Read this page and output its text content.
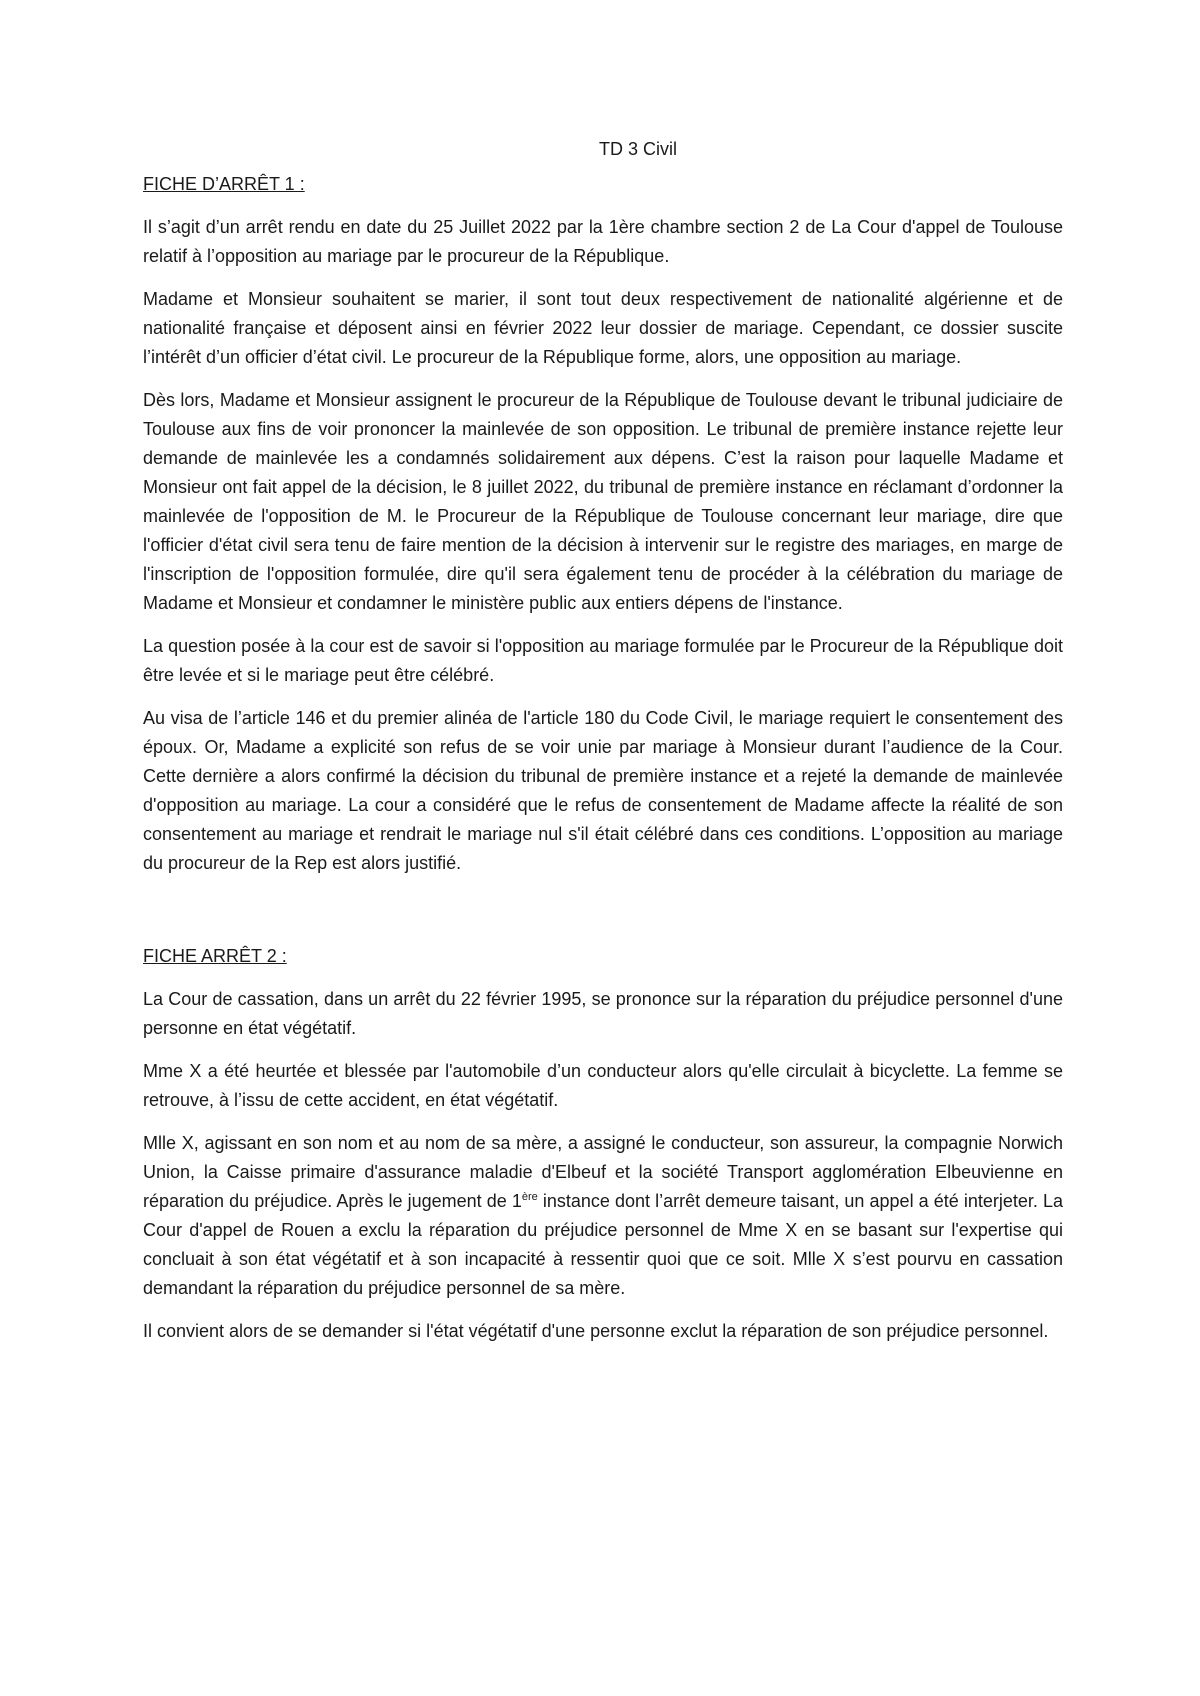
TD 3 Civil
FICHE D’ARRÊT 1 :

Il s’agit d’un arrêt rendu en date du 25 Juillet 2022 par la 1ère chambre section 2 de La Cour d'appel de Toulouse relatif à l’opposition au mariage par le procureur de la République.

Madame et Monsieur souhaitent se marier, il sont tout deux respectivement de nationalité algérienne et de nationalité française et déposent ainsi en février 2022 leur dossier de mariage. Cependant, ce dossier suscite l’intérêt d’un officier d’état civil. Le procureur de la République forme, alors, une opposition au mariage.

Dès lors, Madame et Monsieur assignent le procureur de la République de Toulouse devant le tribunal judiciaire de Toulouse aux fins de voir prononcer la mainlevée de son opposition. Le tribunal de première instance rejette leur demande de mainlevée les a condamnés solidairement aux dépens. C’est la raison pour laquelle Madame et Monsieur ont fait appel de la décision, le 8 juillet 2022, du tribunal de première instance en réclamant d’ordonner la mainlevée de l'opposition de M. le Procureur de la République de Toulouse concernant leur mariage, dire que l'officier d'état civil sera tenu de faire mention de la décision à intervenir sur le registre des mariages, en marge de l'inscription de l'opposition formulée, dire qu'il sera également tenu de procéder à la célébration du mariage de Madame et Monsieur et condamner le ministère public aux entiers dépens de l'instance.

La question posée à la cour est de savoir si l'opposition au mariage formulée par le Procureur de la République doit être levée et si le mariage peut être célébré.

Au visa de l’article 146 et du premier alinéa de l'article 180 du Code Civil, le mariage requiert le consentement des époux. Or, Madame a explicité son refus de se voir unie par mariage à Monsieur durant l’audience de la Cour. Cette dernière a alors confirmé la décision du tribunal de première instance et a rejeté la demande de mainlevée d'opposition au mariage. La cour a considéré que le refus de consentement de Madame affecte la réalité de son consentement au mariage et rendrait le mariage nul s'il était célébré dans ces conditions. L’opposition au mariage du procureur de la Rep est alors justifié.

FICHE ARRÊT 2 :

La Cour de cassation, dans un arrêt du 22 février 1995, se prononce sur la réparation du préjudice personnel d'une personne en état végétatif.

Mme X a été heurtée et blessée par l'automobile d’un conducteur alors qu'elle circulait à bicyclette. La femme se retrouve, à l’issu de cette accident, en état végétatif.

Mlle X, agissant en son nom et au nom de sa mère, a assigné le conducteur, son assureur, la compagnie Norwich Union, la Caisse primaire d'assurance maladie d'Elbeuf et la société Transport agglomération Elbeuvienne en réparation du préjudice. Après le jugement de 1ère instance dont l’arrêt demeure taisant, un appel a été interjeter. La Cour d'appel de Rouen a exclu la réparation du préjudice personnel de Mme X en se basant sur l'expertise qui concluait à son état végétatif et à son incapacité à ressentir quoi que ce soit. Mlle X s’est pourvu en cassation demandant la réparation du préjudice personnel de sa mère.

Il convient alors de se demander si l'état végétatif d'une personne exclut la réparation de son préjudice personnel.
